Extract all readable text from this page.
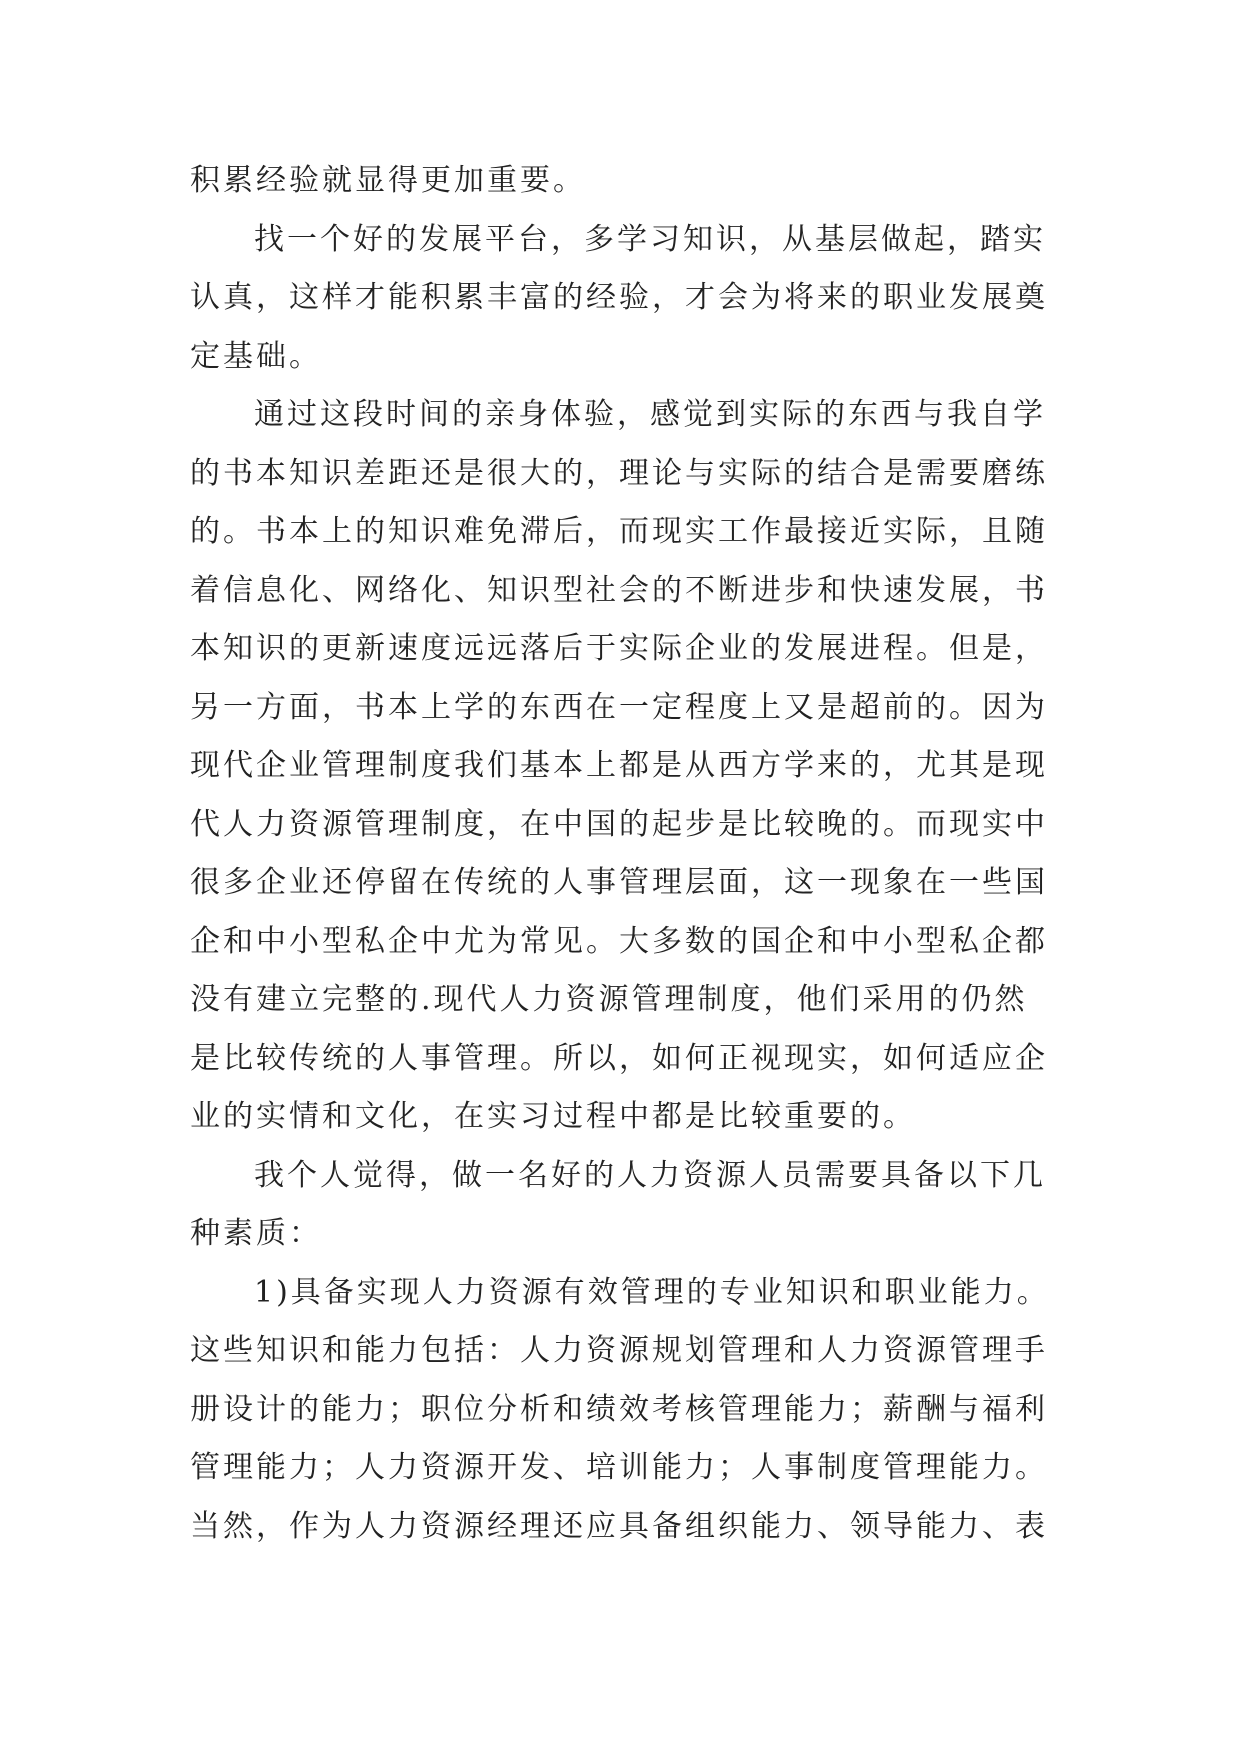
积累经验就显得更加重要。
找一个好的发展平台，多学习知识，从基层做起，踏实
认真，这样才能积累丰富的经验，才会为将来的职业发展奠
定基础。
通过这段时间的亲身体验，感觉到实际的东西与我自学
的书本知识差距还是很大的，理论与实际的结合是需要磨练
的。书本上的知识难免滞后，而现实工作最接近实际，且随
着信息化、网络化、知识型社会的不断进步和快速发展，书
本知识的更新速度远远落后于实际企业的发展进程。但是，
另一方面，书本上学的东西在一定程度上又是超前的。因为
现代企业管理制度我们基本上都是从西方学来的，尤其是现
代人力资源管理制度，在中国的起步是比较晚的。而现实中
很多企业还停留在传统的人事管理层面，这一现象在一些国
企和中小型私企中尤为常见。大多数的国企和中小型私企都
没有建立完整的.现代人力资源管理制度，他们采用的仍然
是比较传统的人事管理。所以，如何正视现实，如何适应企
业的实情和文化，在实习过程中都是比较重要的。
我个人觉得，做一名好的人力资源人员需要具备以下几
种素质：
1)具备实现人力资源有效管理的专业知识和职业能力。
这些知识和能力包括：人力资源规划管理和人力资源管理手
册设计的能力；职位分析和绩效考核管理能力；薪酬与福利
管理能力；人力资源开发、培训能力；人事制度管理能力。
当然，作为人力资源经理还应具备组织能力、领导能力、表
